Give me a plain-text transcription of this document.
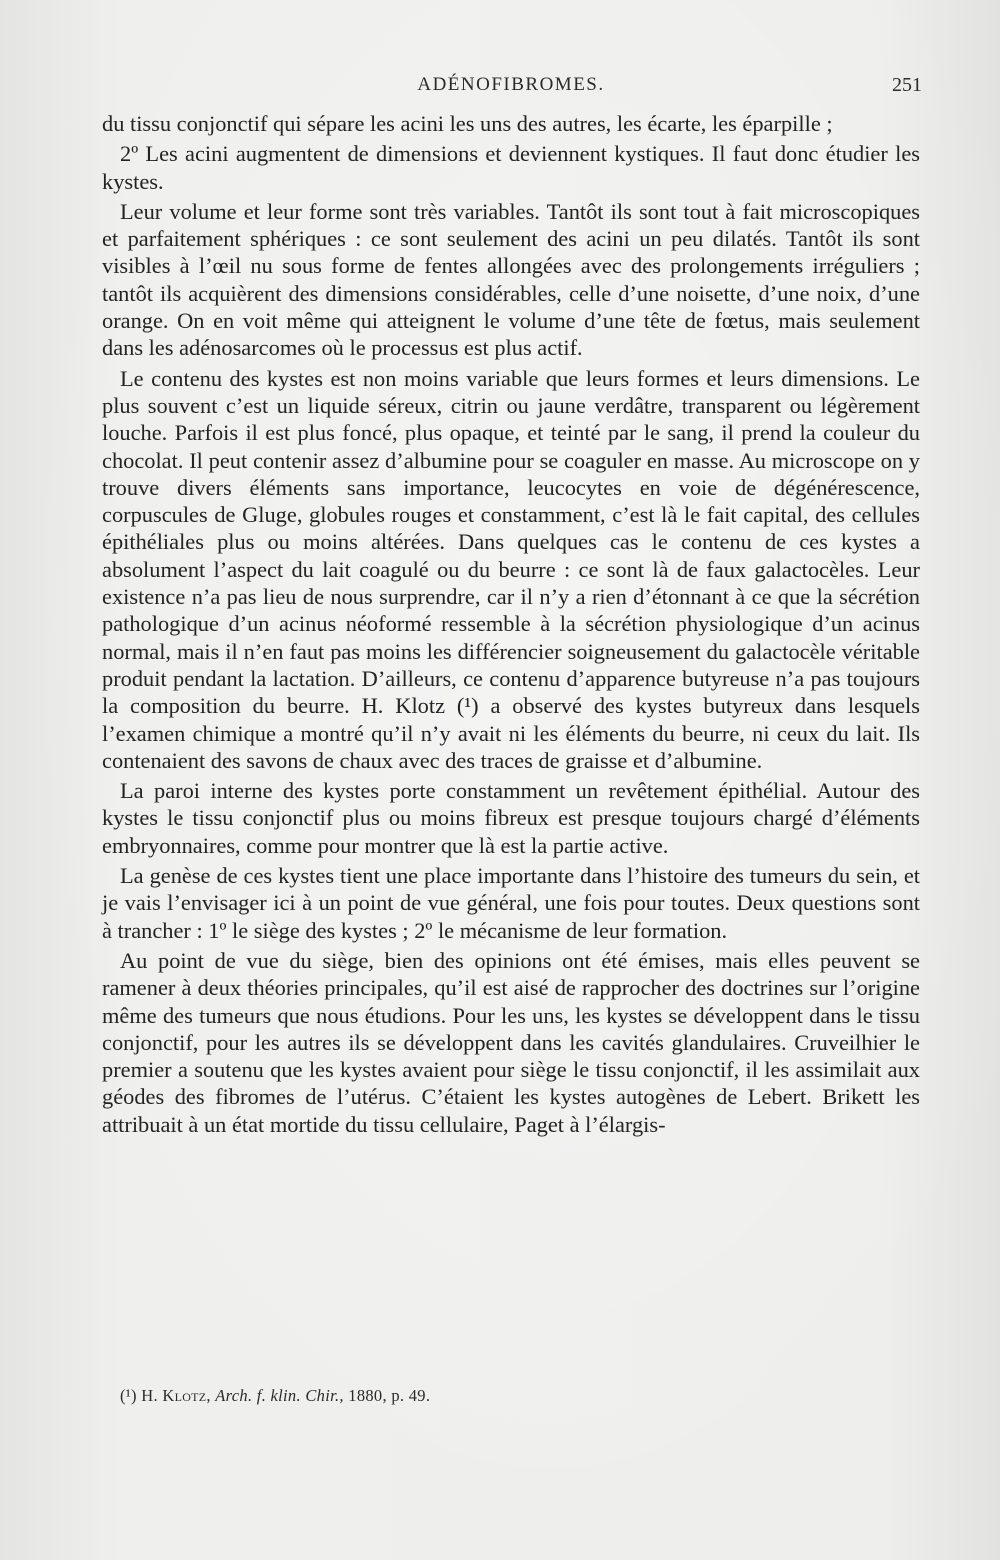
ADÉNOFIBROMES.	251

du tissu conjonctif qui sépare les acini les uns des autres, les écarte, les éparpille ;

2º Les acini augmentent de dimensions et deviennent kystiques. Il faut donc étudier les kystes.

Leur volume et leur forme sont très variables. Tantôt ils sont tout à fait microscopiques et parfaitement sphériques : ce sont seulement des acini un peu dilatés. Tantôt ils sont visibles à l’œil nu sous forme de fentes allongées avec des prolongements irréguliers ; tantôt ils acquièrent des dimensions considérables, celle d’une noisette, d’une noix, d’une orange. On en voit même qui atteignent le volume d’une tête de fœtus, mais seulement dans les adénosarcomes où le processus est plus actif.

Le contenu des kystes est non moins variable que leurs formes et leurs dimensions. Le plus souvent c’est un liquide séreux, citrin ou jaune verdâtre, transparent ou légèrement louche. Parfois il est plus foncé, plus opaque, et teinté par le sang, il prend la couleur du chocolat. Il peut contenir assez d’albumine pour se coaguler en masse. Au microscope on y trouve divers éléments sans importance, leucocytes en voie de dégénérescence, corpuscules de Gluge, globules rouges et constamment, c’est là le fait capital, des cellules épithéliales plus ou moins altérées. Dans quelques cas le contenu de ces kystes a absolument l’aspect du lait coagulé ou du beurre : ce sont là de faux galactocèles. Leur existence n’a pas lieu de nous surprendre, car il n’y a rien d’étonnant à ce que la sécrétion pathologique d’un acinus néoformé ressemble à la sécrétion physiologique d’un acinus normal, mais il n’en faut pas moins les différencier soigneusement du galactocèle véritable produit pendant la lactation. D’ailleurs, ce contenu d’apparence butyreuse n’a pas toujours la composition du beurre. H. Klotz (¹) a observé des kystes butyreux dans lesquels l’examen chimique a montré qu’il n’y avait ni les éléments du beurre, ni ceux du lait. Ils contenaient des savons de chaux avec des traces de graisse et d’albumine.

La paroi interne des kystes porte constamment un revêtement épithélial. Autour des kystes le tissu conjonctif plus ou moins fibreux est presque toujours chargé d’éléments embryonnaires, comme pour montrer que là est la partie active.

La genèse de ces kystes tient une place importante dans l’histoire des tumeurs du sein, et je vais l’envisager ici à un point de vue général, une fois pour toutes. Deux questions sont à trancher : 1º le siège des kystes ; 2º le mécanisme de leur formation.

Au point de vue du siège, bien des opinions ont été émises, mais elles peuvent se ramener à deux théories principales, qu’il est aisé de rapprocher des doctrines sur l’origine même des tumeurs que nous étudions. Pour les uns, les kystes se développent dans le tissu conjonctif, pour les autres ils se développent dans les cavités glandulaires. Cruveilhier le premier a soutenu que les kystes avaient pour siège le tissu conjonctif, il les assimilait aux géodes des fibromes de l’utérus. C’étaient les kystes autogènes de Lebert. Brikett les attribuait à un état mortide du tissu cellulaire, Paget à l’élargis-

(¹) H. Klotz, Arch. f. klin. Chir., 1880, p. 49.
